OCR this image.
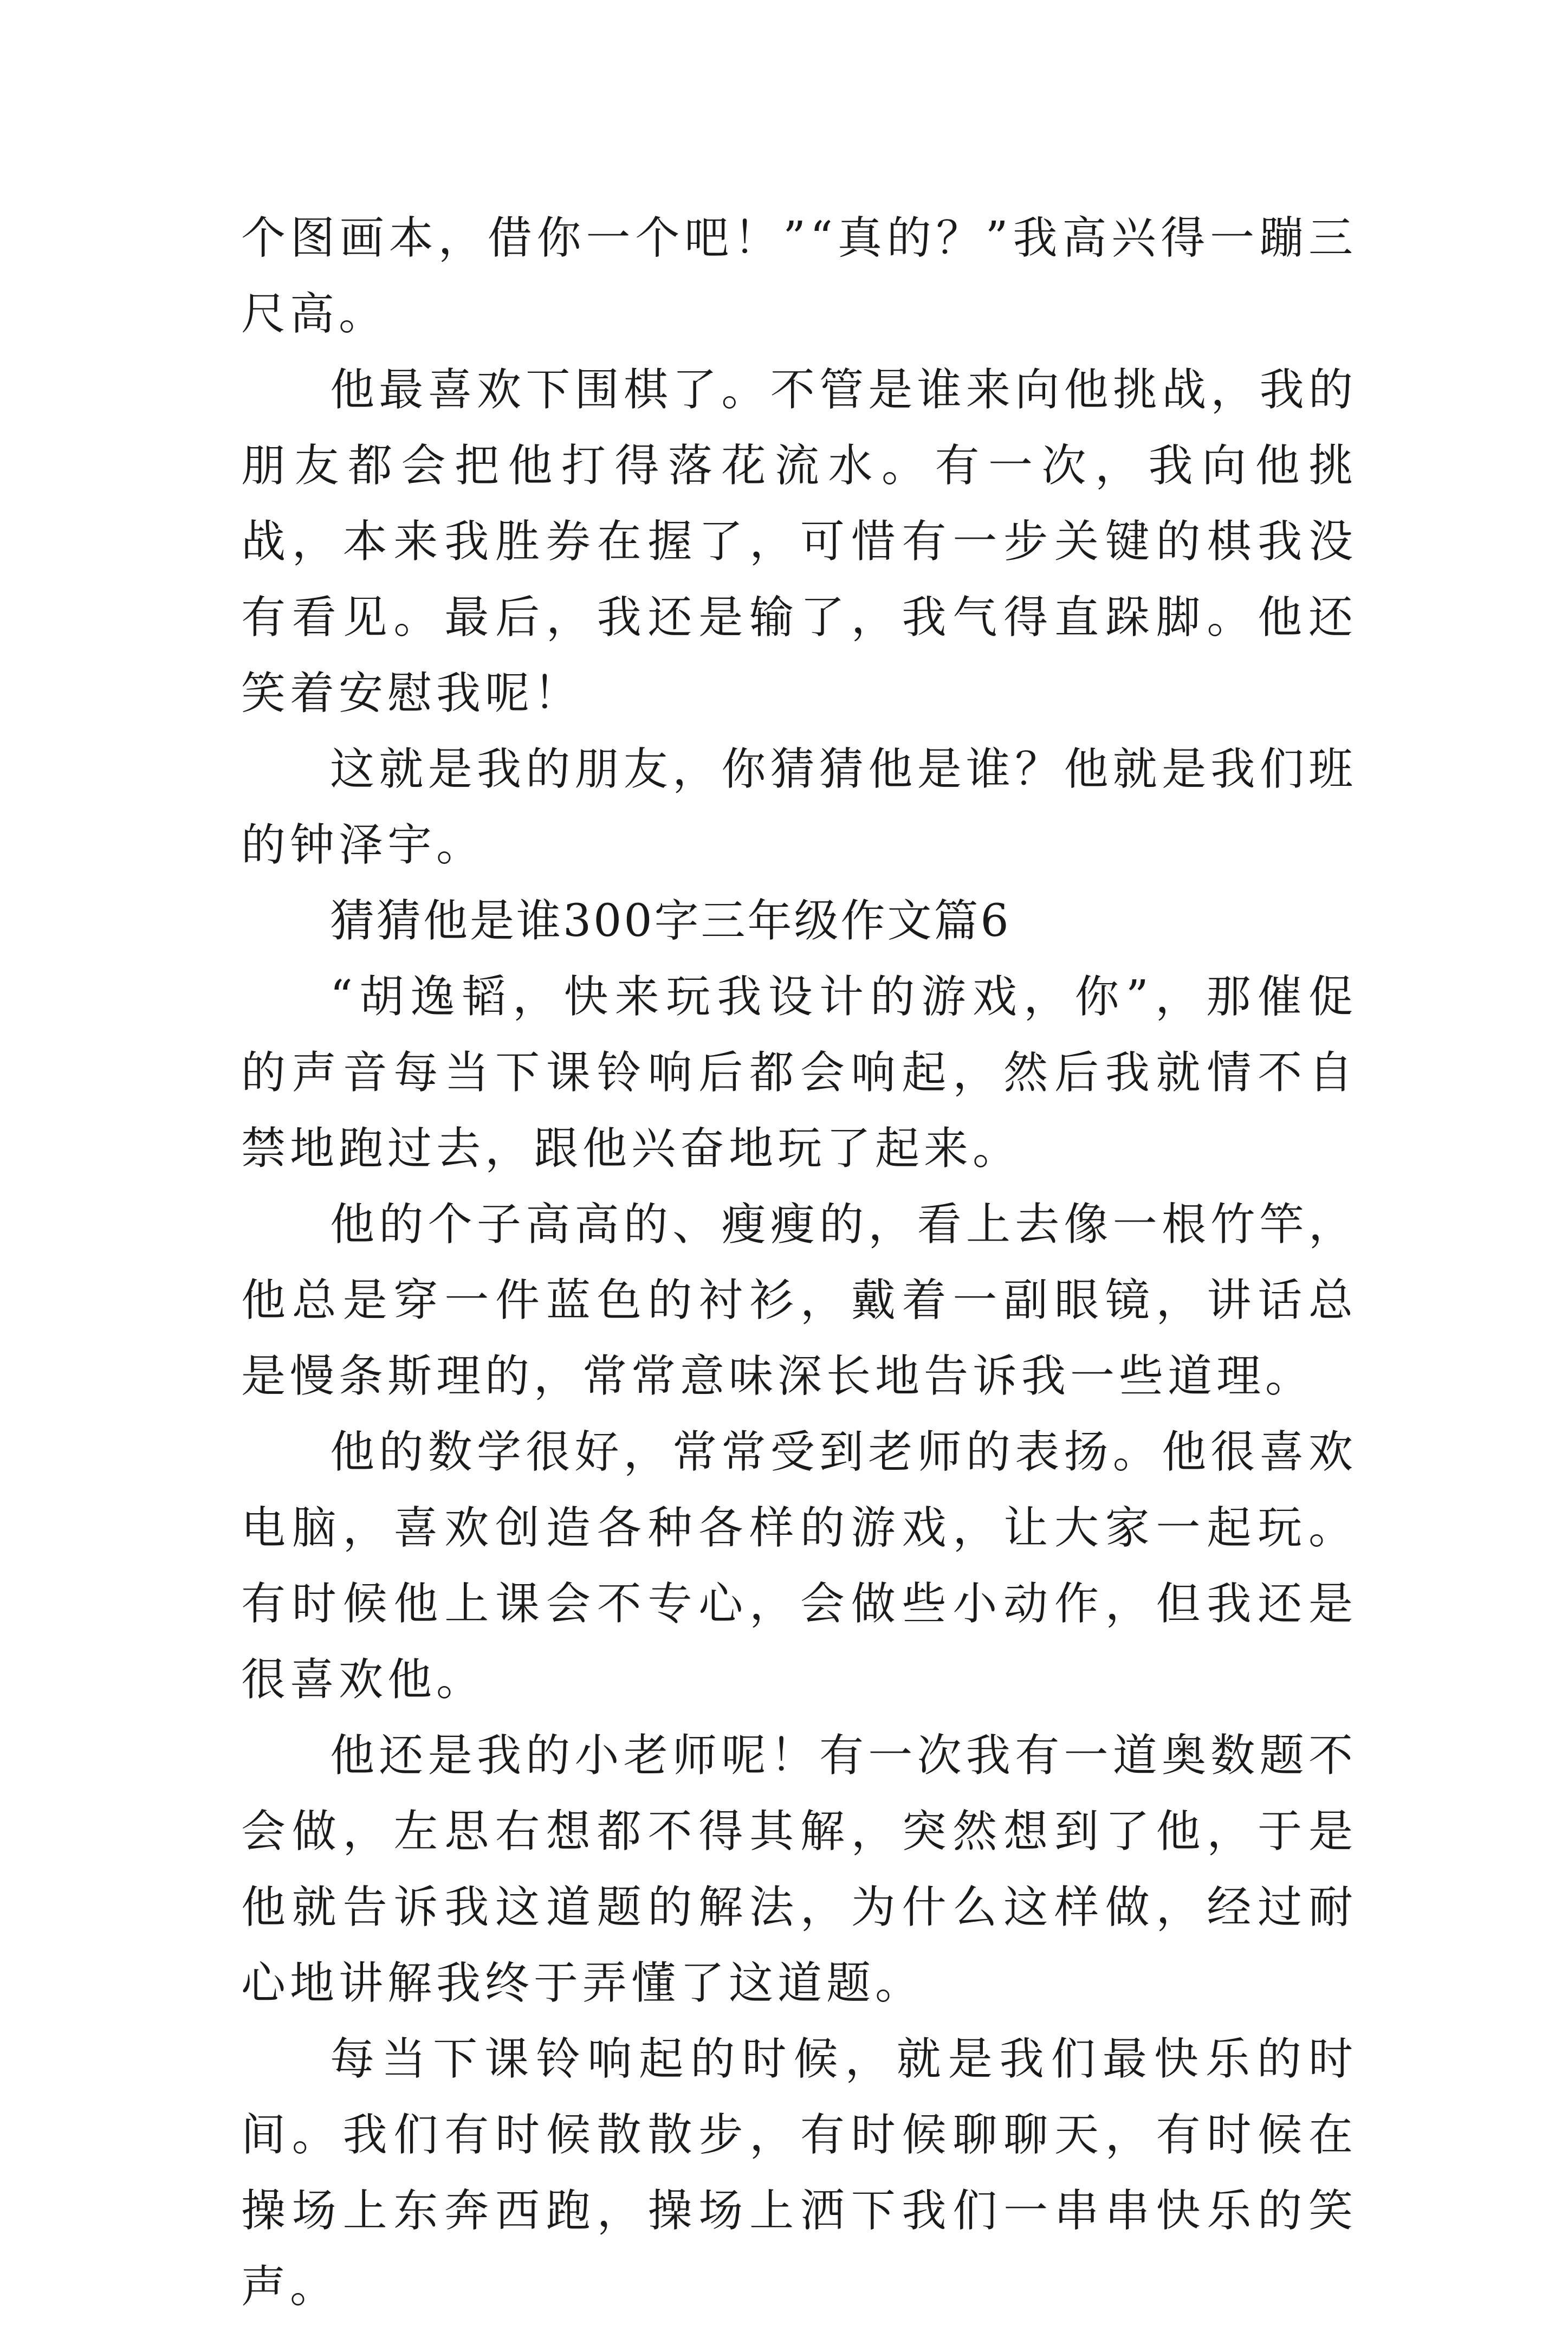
个图画本，借你一个吧！”“真的？”我高兴得一蹦三尺高。

他最喜欢下围棋了。不管是谁来向他挑战，我的朋友都会把他打得落花流水。有一次，我向他挑战，本来我胜券在握了，可惜有一步关键的棋我没有看见。最后，我还是输了，我气得直跺脚。他还笑着安慰我呢！

这就是我的朋友，你猜猜他是谁？他就是我们班的钟泽宇。

猜猜他是谁300字三年级作文篇6

“胡逸韬，快来玩我设计的游戏，你”，那催促的声音每当下课铃响后都会响起，然后我就情不自禁地跑过去，跟他兴奋地玩了起来。

他的个子高高的、瘦瘦的，看上去像一根竹竿，他总是穿一件蓝色的衬衫，戴着一副眼镜，讲话总是慢条斯理的，常常意味深长地告诉我一些道理。

他的数学很好，常常受到老师的表扬。他很喜欢电脑，喜欢创造各种各样的游戏，让大家一起玩。有时候他上课会不专心，会做些小动作，但我还是很喜欢他。

他还是我的小老师呢！有一次我有一道奥数题不会做，左思右想都不得其解，突然想到了他，于是他就告诉我这道题的解法，为什么这样做，经过耐心地讲解我终于弄懂了这道题。

每当下课铃响起的时候，就是我们最快乐的时间。我们有时候散散步，有时候聊聊天，有时候在操场上东奔西跑，操场上洒下我们一串串快乐的笑声。
